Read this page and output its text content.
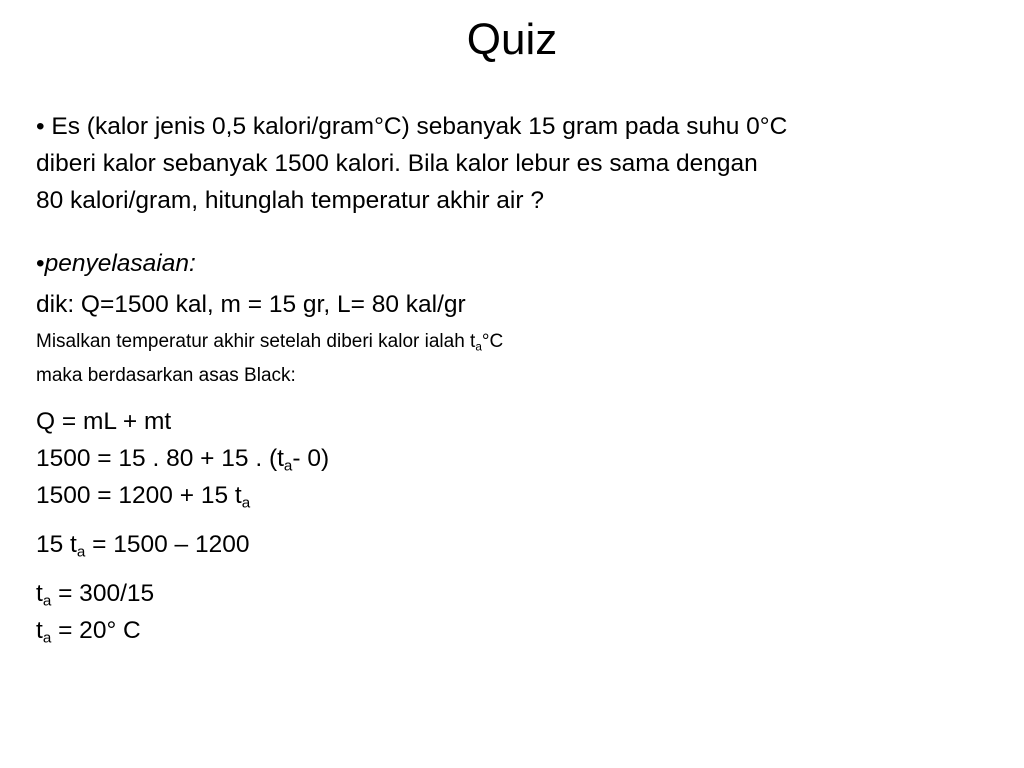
Quiz

• Es (kalor jenis 0,5 kalori/gram°C) sebanyak 15 gram pada suhu 0°C
diberi kalor sebanyak 1500 kalori. Bila kalor lebur es sama dengan
80 kalori/gram, hitunglah temperatur akhir air ?

•penyelasaian:

dik: Q=1500 kal, m = 15 gr, L= 80 kal/gr

Misalkan temperatur akhir setelah diberi kalor ialah $t_a^\circ C$

maka berdasarkan asas Black:

Q = mL + mt
1500 = 15 . 80 + 15 . ($t_a-$ 0)
1500 = 1200 + 15 $t_a$

15 $t_a = 1500 - 1200$

$t_a = 300/15$
$t_a = 20^\circ$ C
